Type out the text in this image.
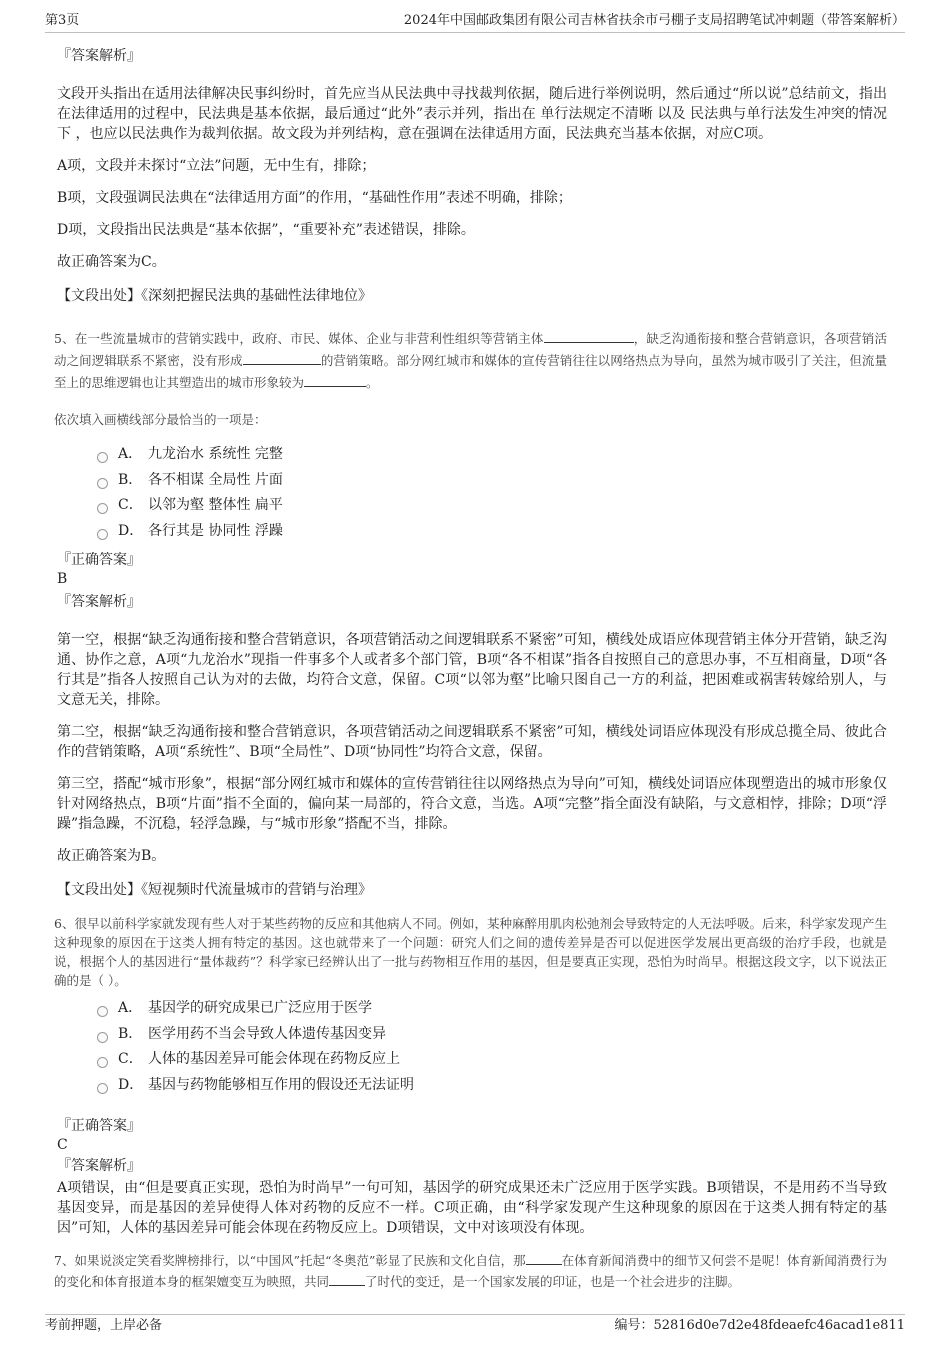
第3页	2024年中国邮政集团有限公司吉林省扶余市弓棚子支局招聘笔试冲刺题（带答案解析）
『答案解析』
文段开头指出在适用法律解决民事纠纷时，首先应当从民法典中寻找裁判依据，随后进行举例说明，然后通过“所以说”总结前文，指出在法律适用的过程中，民法典是基本依据，最后通过“此外”表示并列，指出在 单行法规定不清晰 以及 民法典与单行法发生冲突的情况下 ，也应以民法典作为裁判依据。故文段为并列结构，意在强调在法律适用方面，民法典充当基本依据，对应C项。
A项，文段并未探讨“立法”问题，无中生有，排除；
B项，文段强调民法典在“法律适用方面”的作用，“基础性作用”表述不明确，排除；
D项，文段指出民法典是“基本依据”，“重要补充”表述错误，排除。
故正确答案为C。
【文段出处】《深刻把握民法典的基础性法律地位》
5、在一些流量城市的营销实践中，政府、市民、媒体、企业与非营利性组织等营销主体	，缺乏沟通衔接和整合营销意识，各项营销活动之间逻辑联系不紧密，没有形成	的营销策略。部分网红城市和媒体的宣传营销往往以网络热点为导向，虽然为城市吸引了关注，但流量至上的思维逻辑也让其塑造出的城市形象较为	。
依次填入画横线部分最恰当的一项是：
A． 九龙治水 系统性 完整
B． 各不相谋 全局性 片面
C． 以邻为壑 整体性 扁平
D． 各行其是 协同性 浮躁
『正确答案』
B
『答案解析』
第一空，根据“缺乏沟通衔接和整合营销意识，各项营销活动之间逻辑联系不紧密”可知，横线处成语应体现营销主体分开营销，缺乏沟通、协作之意，A项“九龙治水”现指一件事多个人或者多个部门管，B项“各不相谋”指各自按照自己的意思办事，不互相商量，D项“各行其是”指各人按照自己认为对的去做，均符合文意，保留。C项“以邻为壑”比喻只图自己一方的利益，把困难或祸害转嫁给别人，与文意无关，排除。
第二空，根据“缺乏沟通衔接和整合营销意识，各项营销活动之间逻辑联系不紧密”可知，横线处词语应体现没有形成总揽全局、彼此合作的营销策略，A项“系统性”、B项“全局性”、D项“协同性”均符合文意，保留。
第三空，搭配“城市形象”，根据“部分网红城市和媒体的宣传营销往往以网络热点为导向”可知，横线处词语应体现塑造出的城市形象仅针对网络热点，B项“片面”指不全面的，偏向某一局部的，符合文意，当选。A项“完整”指全面没有缺陷，与文意相悖，排除；D项“浮躁”指急躁，不沉稳，轻浮急躁，与“城市形象”搭配不当，排除。
故正确答案为B。
【文段出处】《短视频时代流量城市的营销与治理》
6、很早以前科学家就发现有些人对于某些药物的反应和其他病人不同。例如，某种麻醉用肌肉松弛剂会导致特定的人无法呼吸。后来，科学家发现产生这种现象的原因在于这类人拥有特定的基因。这也就带来了一个问题：研究人们之间的遗传差异是否可以促进医学发展出更高级的治疗手段，也就是说，根据个人的基因进行“量体裁药”？科学家已经辨认出了一批与药物相互作用的基因，但是要真正实现，恐怕为时尚早。根据这段文字，以下说法正确的是（ ）。
A． 基因学的研究成果已广泛应用于医学
B． 医学用药不当会导致人体遗传基因变异
C． 人体的基因差异可能会体现在药物反应上
D． 基因与药物能够相互作用的假设还无法证明
『正确答案』
C
『答案解析』
A项错误，由“但是要真正实现，恐怕为时尚早”一句可知，基因学的研究成果还未广泛应用于医学实践。B项错误，不是用药不当导致基因变异，而是基因的差异使得人体对药物的反应不一样。C项正确，由“科学家发现产生这种现象的原因在于这类人拥有特定的基因”可知，人体的基因差异可能会体现在药物反应上。D项错误，文中对该项没有体现。
7、如果说淡定笑看奖牌榜排行，以“中国风”托起“冬奥范”彰显了民族和文化自信，那	在体育新闻消费中的细节又何尝不是呢！体育新闻消费行为的变化和体育报道本身的框架嬗变互为映照，共同	了时代的变迁，是一个国家发展的印证，也是一个社会进步的注脚。
考前押题，上岸必备	编号：52816d0e7d2e48fdeaefc46acad1e811
